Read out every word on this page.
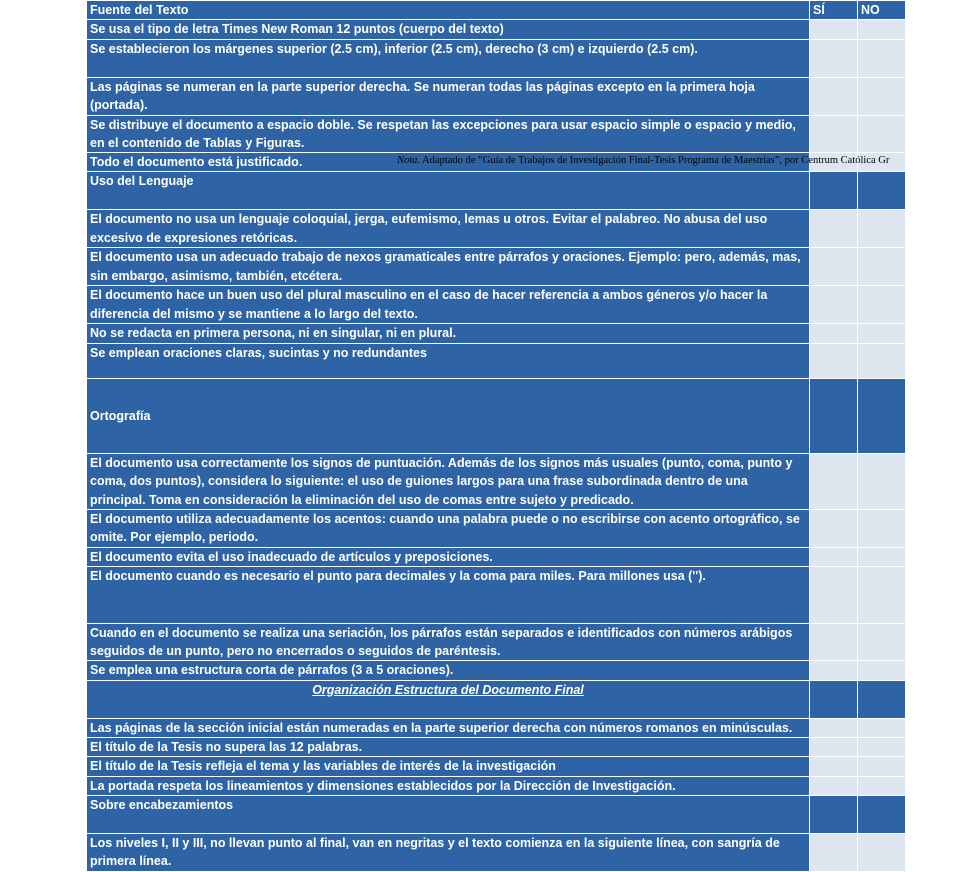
Fuente del Texto	SÍ	NO
Se usa el tipo de letra Times New Roman 12 puntos (cuerpo del texto)		
Se establecieron los márgenes superior (2.5 cm), inferior (2.5 cm), derecho (3 cm) e izquierdo (2.5 cm).		
Las páginas se numeran en la parte superior derecha. Se numeran todas las páginas excepto en la primera hoja (portada).		
Se distribuye el documento a espacio doble. Se respetan las excepciones para usar espacio simple o espacio y medio, en el contenido de Tablas y Figuras.		
Todo el documento está justificado.		
Uso del Lenguaje		
El documento no usa un lenguaje coloquial, jerga, eufemismo, lemas u otros. Evitar el palabreo. No abusa del uso excesivo de expresiones retóricas.		
El documento usa un adecuado trabajo de nexos gramaticales entre párrafos y oraciones. Ejemplo: pero, además, mas, sin embargo, asimismo, también, etcétera.		
El documento hace un buen uso del plural masculino en el caso de hacer referencia a ambos géneros y/o hacer la diferencia del mismo y se mantiene a lo largo del texto.		
No se redacta en primera persona, ni en singular, ni en plural.		
Se emplean oraciones claras, sucintas y no redundantes		
Ortografía		
El documento usa correctamente los signos de puntuación. Además de los signos más usuales (punto, coma, punto y coma, dos puntos), considera lo siguiente: el uso de guiones largos para una frase subordinada dentro de una principal. Toma en consideración la eliminación del uso de comas entre sujeto y predicado.		
El documento utiliza adecuadamente los acentos: cuando una palabra puede o no escribirse con acento ortográfico, se omite. Por ejemplo, periodo.		
El documento evita el uso inadecuado de artículos y preposiciones.		
El documento cuando es necesario el punto para decimales y la coma para miles. Para millones usa ('').		
Cuando en el documento se realiza una seriación, los párrafos están separados e identificados con números arábigos seguidos de un punto, pero no encerrados o seguidos de paréntesis.		
Se emplea una estructura corta de párrafos (3 a 5 oraciones).		
Organización Estructura del Documento Final		
Las páginas de la sección inicial están numeradas en la parte superior derecha con números romanos en minúsculas.		
El título de la Tesis no supera las 12 palabras.		
El título de la Tesis refleja el tema y las variables de interés de la investigación		
La portada respeta los lineamientos y dimensiones establecidos por la Dirección de Investigación.		
Sobre encabezamientos		
Los niveles I, II y III, no llevan punto al final, van en negritas y el texto comienza en la siguiente línea, con sangría de primera línea.		
Nota. Adaptado de “Guía de Trabajos de Investigación Final-Tesis Programa de Maestrías”, por Centrum Católica Gr
